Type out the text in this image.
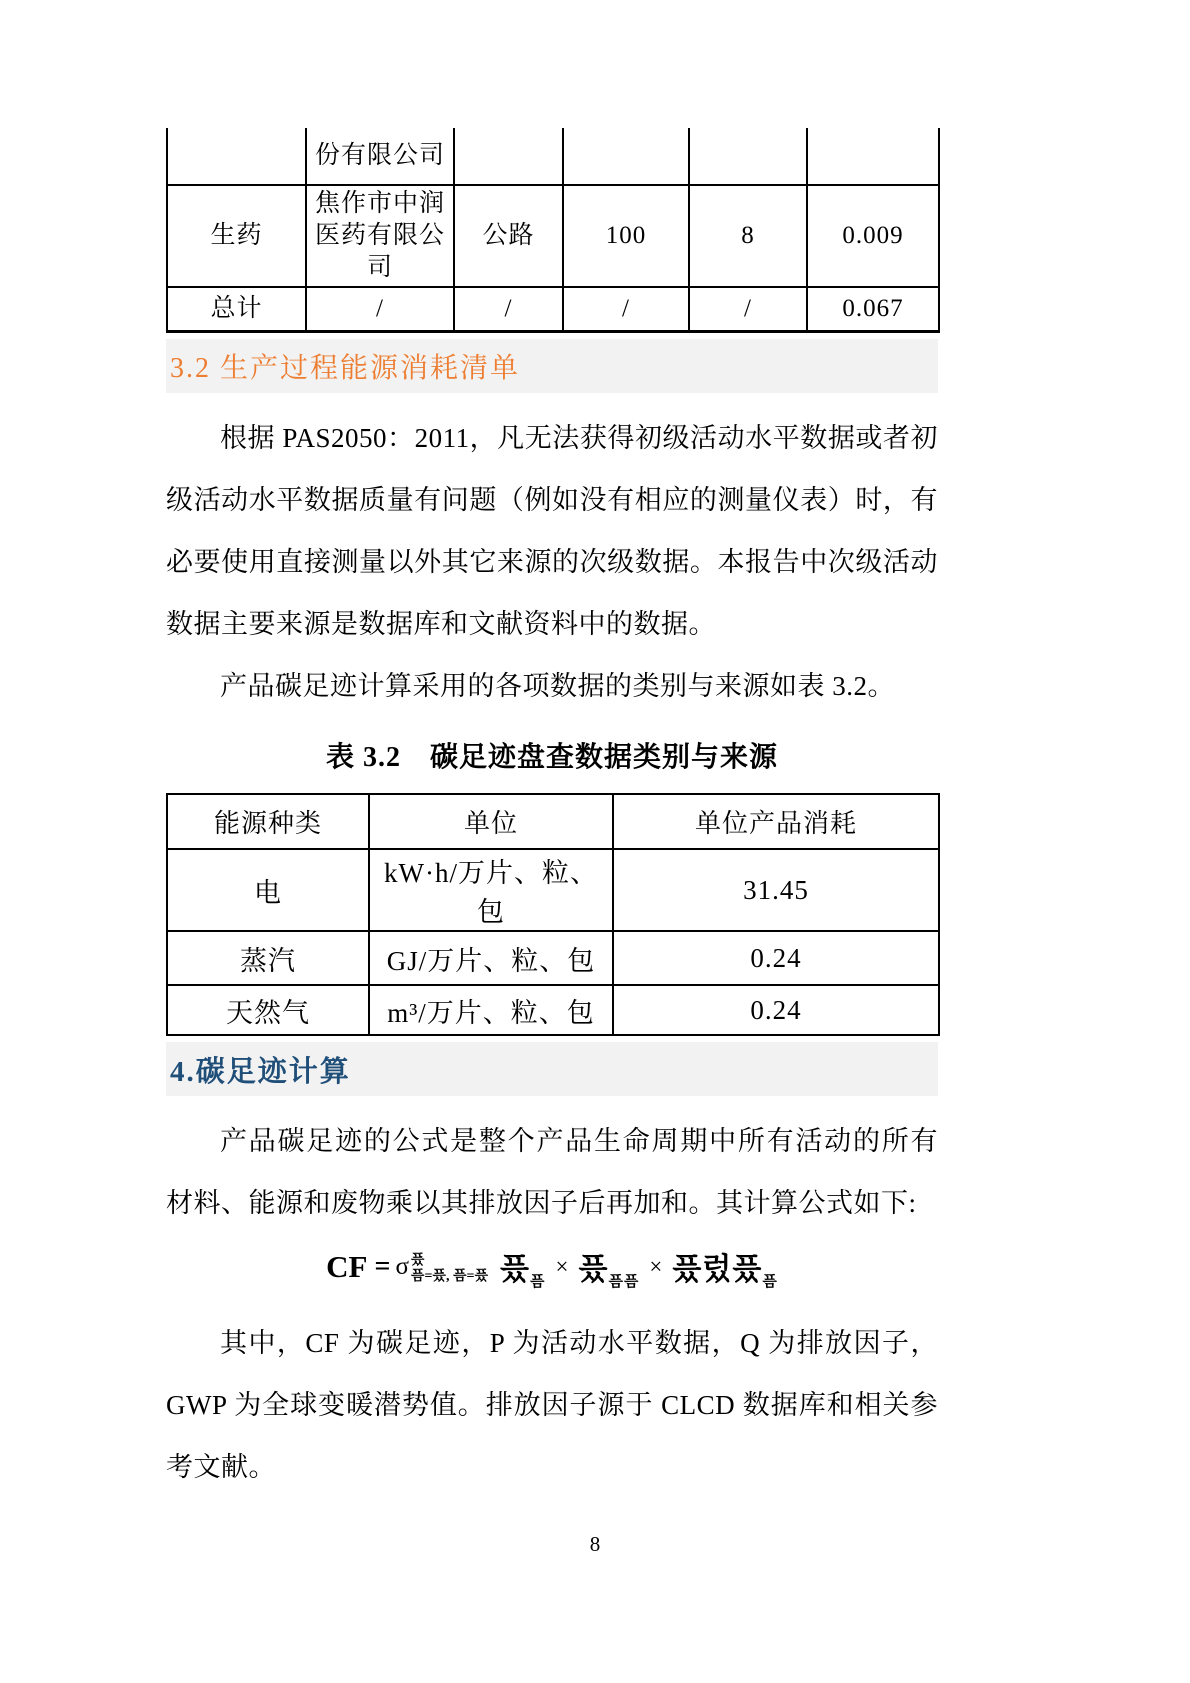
	份有限公司				
生药	焦作市中润医药有限公司	公路	100	8	0.009
总计	/	/	/	/	0.067
3.2 生产过程能源消耗清单
根据 PAS2050：2011，凡无法获得初级活动水平数据或者初
级活动水平数据质量有问题（例如没有相应的测量仪表）时，有
必要使用直接测量以外其它来源的次级数据。本报告中次级活动
数据主要来源是数据库和文献资料中的数据。
产品碳足迹计算采用的各项数据的类别与来源如表 3.2。
表 3.2　碳足迹盘查数据类别与来源
能源种类	单位	单位产品消耗
电	kW·h/万片、粒、包	31.45
蒸汽	GJ/万片、粒、包	0.24
天然气	m³/万片、粒、包	0.24
4.碳足迹计算
产品碳足迹的公式是整个产品生命周期中所有活动的所有
材料、能源和废物乘以其排放因子后再加和。其计算公式如下:
CF = σ 픘
픔=픘, 픔=픘 픘$_픔$
× 픘$_{픔픔}$
× 픘렀픘$_픔$
其中，CF 为碳足迹，P 为活动水平数据，Q 为排放因子，
GWP 为全球变暖潜势值。排放因子源于 CLCD 数据库和相关参
考文献。
8
